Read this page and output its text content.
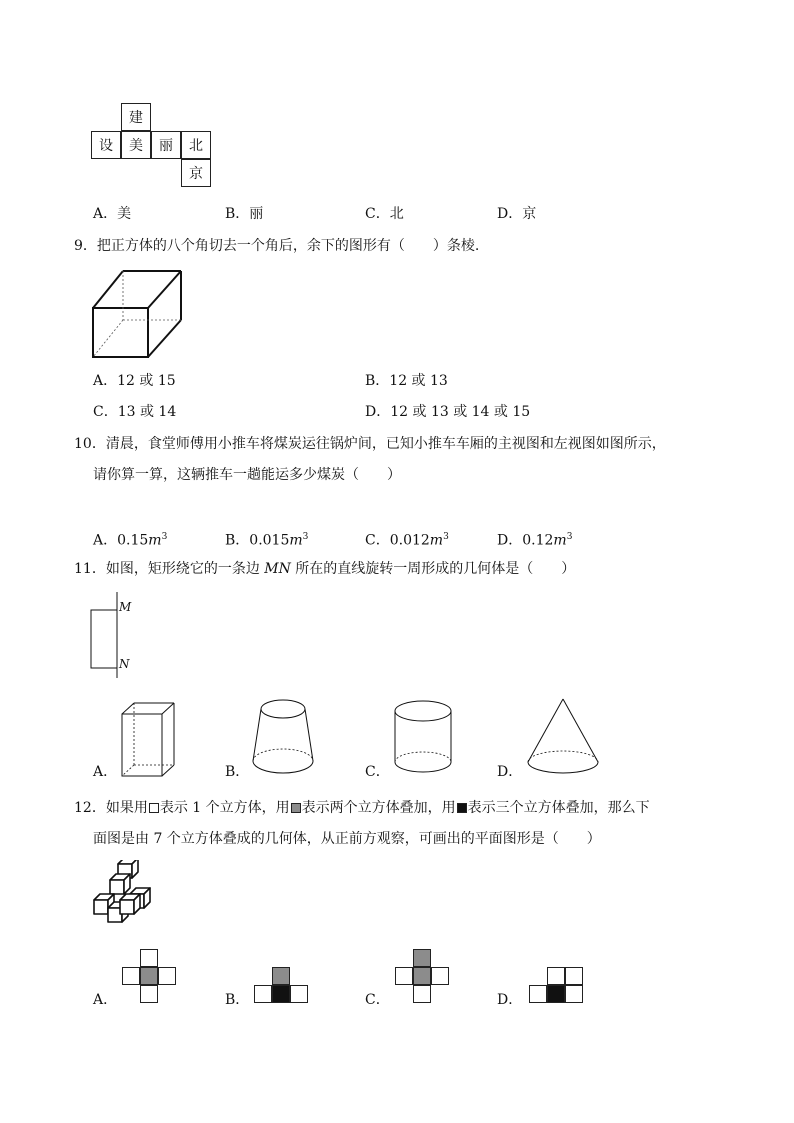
建
设	美	丽	北
京
A．美	B．丽	C．北	D．京
9．把正方体的八个角切去一个角后，余下的图形有（　　）条棱.
A．12 或 15	B．12 或 13
C．13 或 14	D．12 或 13 或 14 或 15
10．清晨，食堂师傅用小推车将煤炭运往锅炉间，已知小推车车厢的主视图和左视图如图所示，
请你算一算，这辆推车一趟能运多少煤炭（　　）
A．$0.15m^3$	B．$0.015m^3$	C．$0.012m^3$	D．$0.12m^3$
11．如图，矩形绕它的一条边 MN 所在的直线旋转一周形成的几何体是（　　）
M
N
A．	B．	C．	D．
12．如果用 表示 1 个立方体，用 表示两个立方体叠加，用 表示三个立方体叠加，那么下
面图是由 7 个立方体叠成的几何体，从正前方观察，可画出的平面图形是（　　）
A．	B．	C．	D．
